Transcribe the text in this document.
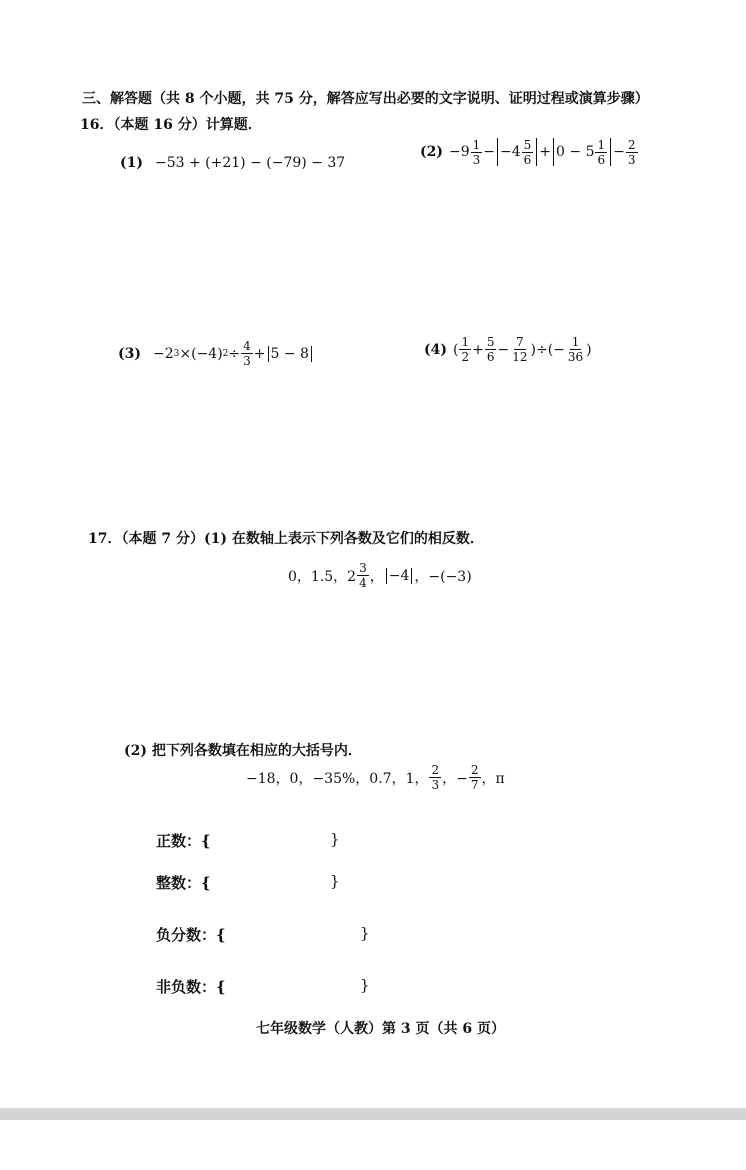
三、解答题（共 8 个小题，共 75 分，解答应写出必要的文字说明、证明过程或演算步骤）
16．（本题 16 分）计算题．
(1) −53 + (+21) − (−79) − 37
$(2) -9 \frac{1}{3} - -4 \frac{5}{6} + 0 - 5 \frac{1}{6} - \frac{2}{3}$
(3) −2 3 ×(−4) $2 \div \frac{4}{3} + 5 - 8$	(4) ( $\frac{1}{2} + \frac{5}{6} - \frac{7}{12}$ )÷(− $\frac{1}{36}$ )
17．（本题 7 分）(1) 在数轴上表示下列各数及它们的相反数．
0，1.5，$2 \frac{3}{4}$ ， −4 ，−(−3)
(2) 把下列各数填在相应的大括号内．
−18，0，−35%，0.7，1， $\frac{2}{3}$ ，− $\frac{2}{7}$ ，π
正数：{	}
整数：{	}
负分数：{	}
非负数：{	}
七年级数学（人教）第 3 页（共 6 页）
